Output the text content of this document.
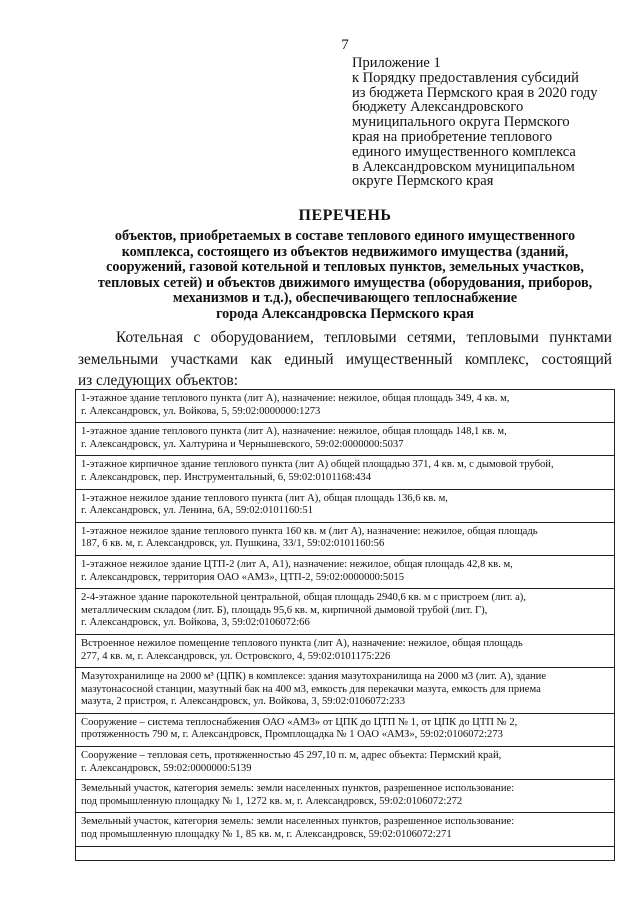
7
Приложение 1
к Порядку предоставления субсидий
из бюджета Пермского края в 2020 году
бюджету Александровского
муниципального округа Пермского
края на приобретение теплового
единого имущественного комплекса
в Александровском муниципальном
округе Пермского края
ПЕРЕЧЕНЬ
объектов, приобретаемых в составе теплового единого имущественного
комплекса, состоящего из объектов недвижимого имущества (зданий,
сооружений, газовой котельной и тепловых пунктов, земельных участков,
тепловых сетей) и объектов движимого имущества (оборудования, приборов,
механизмов и т.д.), обеспечивающего теплоснабжение
города Александровска Пермского края
Котельная с оборудованием, тепловыми сетями, тепловыми пунктами
земельными участками как единый имущественный комплекс, состоящий
из следующих объектов:
1-этажное здание теплового пункта (лит А), назначение: нежилое, общая площадь 349, 4 кв. м,
г. Александровск, ул. Войкова, 5, 59:02:0000000:1273

1-этажное здание теплового пункта (лит А), назначение: нежилое, общая площадь 148,1 кв. м,
г. Александровск, ул. Халтурина и Чернышевского, 59:02:0000000:5037

1-этажное кирпичное здание теплового пункта (лит А) общей площадью 371, 4 кв. м, с дымовой трубой,
г. Александровск, пер. Инструментальный, 6, 59:02:0101168:434

1-этажное нежилое здание теплового пункта (лит А), общая площадь 136,6 кв. м,
г. Александровск, ул. Ленина, 6А, 59:02:0101160:51

1-этажное нежилое здание теплового пункта 160 кв. м (лит А), назначение: нежилое, общая площадь
187, 6 кв. м, г. Александровск, ул. Пушкина, 33/1, 59:02:0101160:56

1-этажное нежилое здание ЦТП-2 (лит А, А1), назначение: нежилое, общая площадь 42,8 кв. м,
г. Александровск, территория ОАО «АМЗ», ЦТП-2, 59:02:0000000:5015

2-4-этажное здание парокотельной центральной, общая площадь 2940,6 кв. м с пристроем (лит. а),
металлическим складом (лит. Б), площадь 95,6 кв. м, кирпичной дымовой трубой (лит. Г),
г. Александровск, ул. Войкова, 3, 59:02:0106072:66

Встроенное нежилое помещение теплового пункта (лит А), назначение: нежилое, общая площадь
277, 4 кв. м, г. Александровск, ул. Островского, 4, 59:02:0101175:226

Мазутохранилище на 2000 м³ (ЦПК) в комплексе: здания мазутохранилища на 2000 м3 (лит. А), здание
мазутонасосной станции, мазутный бак на 400 м3, емкость для перекачки мазута, емкость для приема
мазута, 2 пристроя, г. Александровск, ул. Войкова, 3, 59:02:0106072:233

Сооружение – система теплоснабжения ОАО «АМЗ» от ЦПК до ЦТП № 1, от ЦПК до ЦТП № 2,
протяженность 790 м, г. Александровск, Промплощадка № 1 ОАО «АМЗ», 59:02:0106072:273

Сооружение – тепловая сеть, протяженностью 45 297,10 п. м, адрес объекта: Пермский край,
г. Александровск, 59:02:0000000:5139

Земельный участок, категория земель: земли населенных пунктов, разрешенное использование:
под промышленную площадку № 1, 1272 кв. м, г. Александровск, 59:02:0106072:272

Земельный участок, категория земель: земли населенных пунктов, разрешенное использование:
под промышленную площадку № 1, 85 кв. м, г. Александровск, 59:02:0106072:271
